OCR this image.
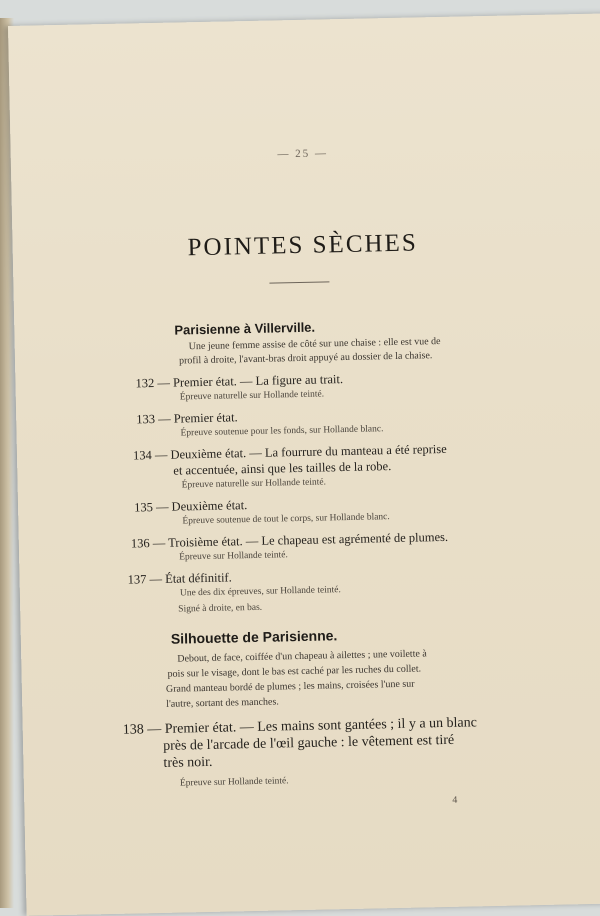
— 25 —
POINTES SÈCHES
Parisienne à Villerville.
Une jeune femme assise de côté sur une chaise : elle est vue de
profil à droite, l'avant-bras droit appuyé au dossier de la chaise.
132 — Premier état. — La figure au trait.
Épreuve naturelle sur Hollande teinté.
133 — Premier état.
Épreuve soutenue pour les fonds, sur Hollande blanc.
134 — Deuxième état. — La fourrure du manteau a été reprise
et accentuée, ainsi que les tailles de la robe.
Épreuve naturelle sur Hollande teinté.
135 — Deuxième état.
Épreuve soutenue de tout le corps, sur Hollande blanc.
136 — Troisième état. — Le chapeau est agrémenté de plumes.
Épreuve sur Hollande teinté.
137 — État définitif.
Une des dix épreuves, sur Hollande teinté.
Signé à droite, en bas.
Silhouette de Parisienne.
Debout, de face, coiffée d'un chapeau à ailettes ; une voilette à
pois sur le visage, dont le bas est caché par les ruches du collet.
Grand manteau bordé de plumes ; les mains, croisées l'une sur
l'autre, sortant des manches.
138 — Premier état. — Les mains sont gantées ; il y a un blanc
près de l'arcade de l'œil gauche : le vêtement est tiré
très noir.
Épreuve sur Hollande teinté.
4
